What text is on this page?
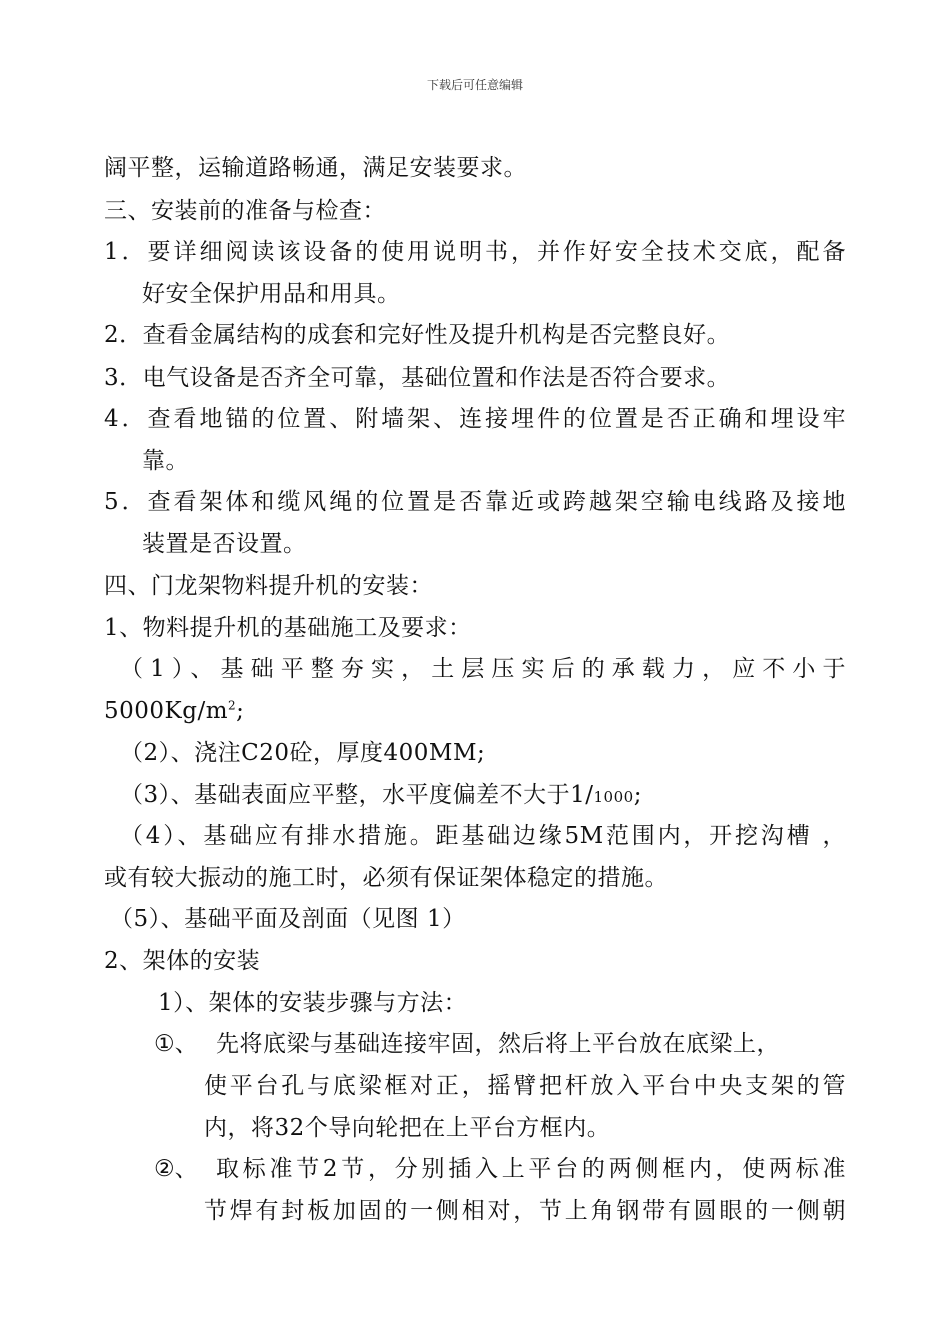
下载后可任意编辑
阔平整，运输道路畅通，满足安装要求。
三、安装前的准备与检查：
1．要详细阅读该设备的使用说明书，并作好安全技术交底，配备
好安全保护用品和用具。
2．查看金属结构的成套和完好性及提升机构是否完整良好。
3．电气设备是否齐全可靠，基础位置和作法是否符合要求。
4．查看地锚的位置、附墙架、连接埋件的位置是否正确和埋设牢
靠。
5．查看架体和缆风绳的位置是否靠近或跨越架空输电线路及接地
装置是否设置。
四、门龙架物料提升机的安装：
1、物料提升机的基础施工及要求：
（1）、基础平整夯实，土层压实后的承载力，应不小于
$5000Kg/m^2$;
（2）、浇注C20砼，厚度400MM;
（3）、基础表面应平整，水平度偏差不大于1/1000;
（4）、基础应有排水措施。距基础边缘5M范围内，开挖沟槽 ，
或有较大振动的施工时，必须有保证架体稳定的措施。
（5）、基础平面及剖面（见图 1）
2、架体的安装
1）、架体的安装步骤与方法：
①、 先将底梁与基础连接牢固，然后将上平台放在底梁上，
使平台孔与底梁框对正，摇臂把杆放入平台中央支架的管
内，将32个导向轮把在上平台方框内。
②、 取标准节2节，分别插入上平台的两侧框内，使两标准
节焊有封板加固的一侧相对，节上角钢带有圆眼的一侧朝
